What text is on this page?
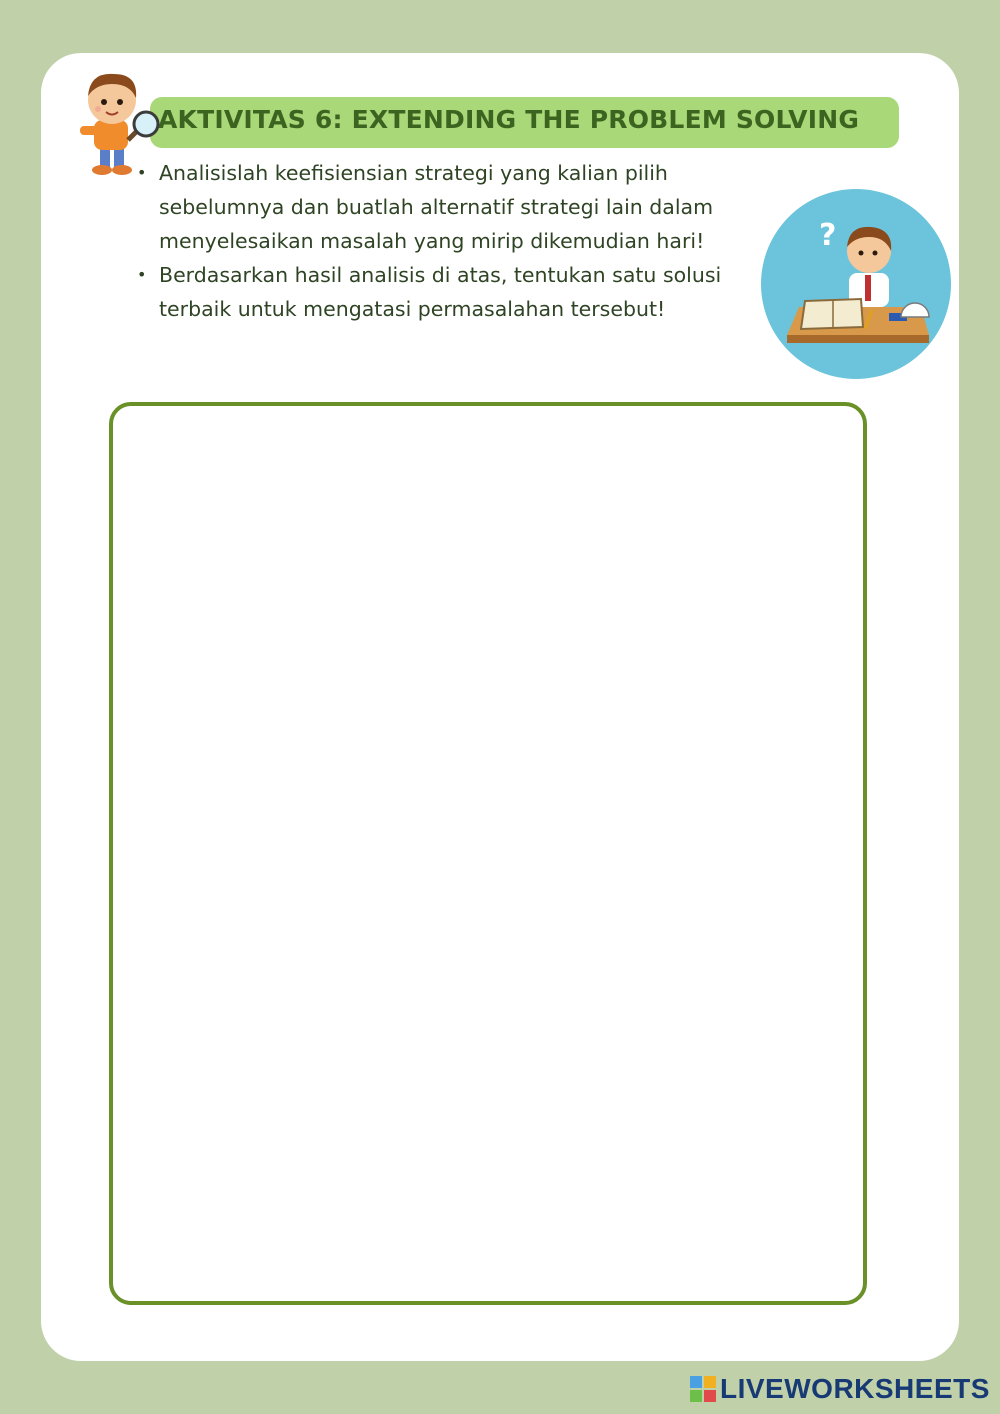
AKTIVITAS 6: EXTENDING THE PROBLEM SOLVING
• Analisislah keefisiensian strategi yang kalian pilih sebelumnya dan buatlah alternatif strategi lain dalam menyelesaikan masalah yang mirip dikemudian hari!
• Berdasarkan hasil analisis di atas, tentukan satu solusi terbaik untuk mengatasi permasalahan tersebut!
?
LIVEWORKSHEETS
